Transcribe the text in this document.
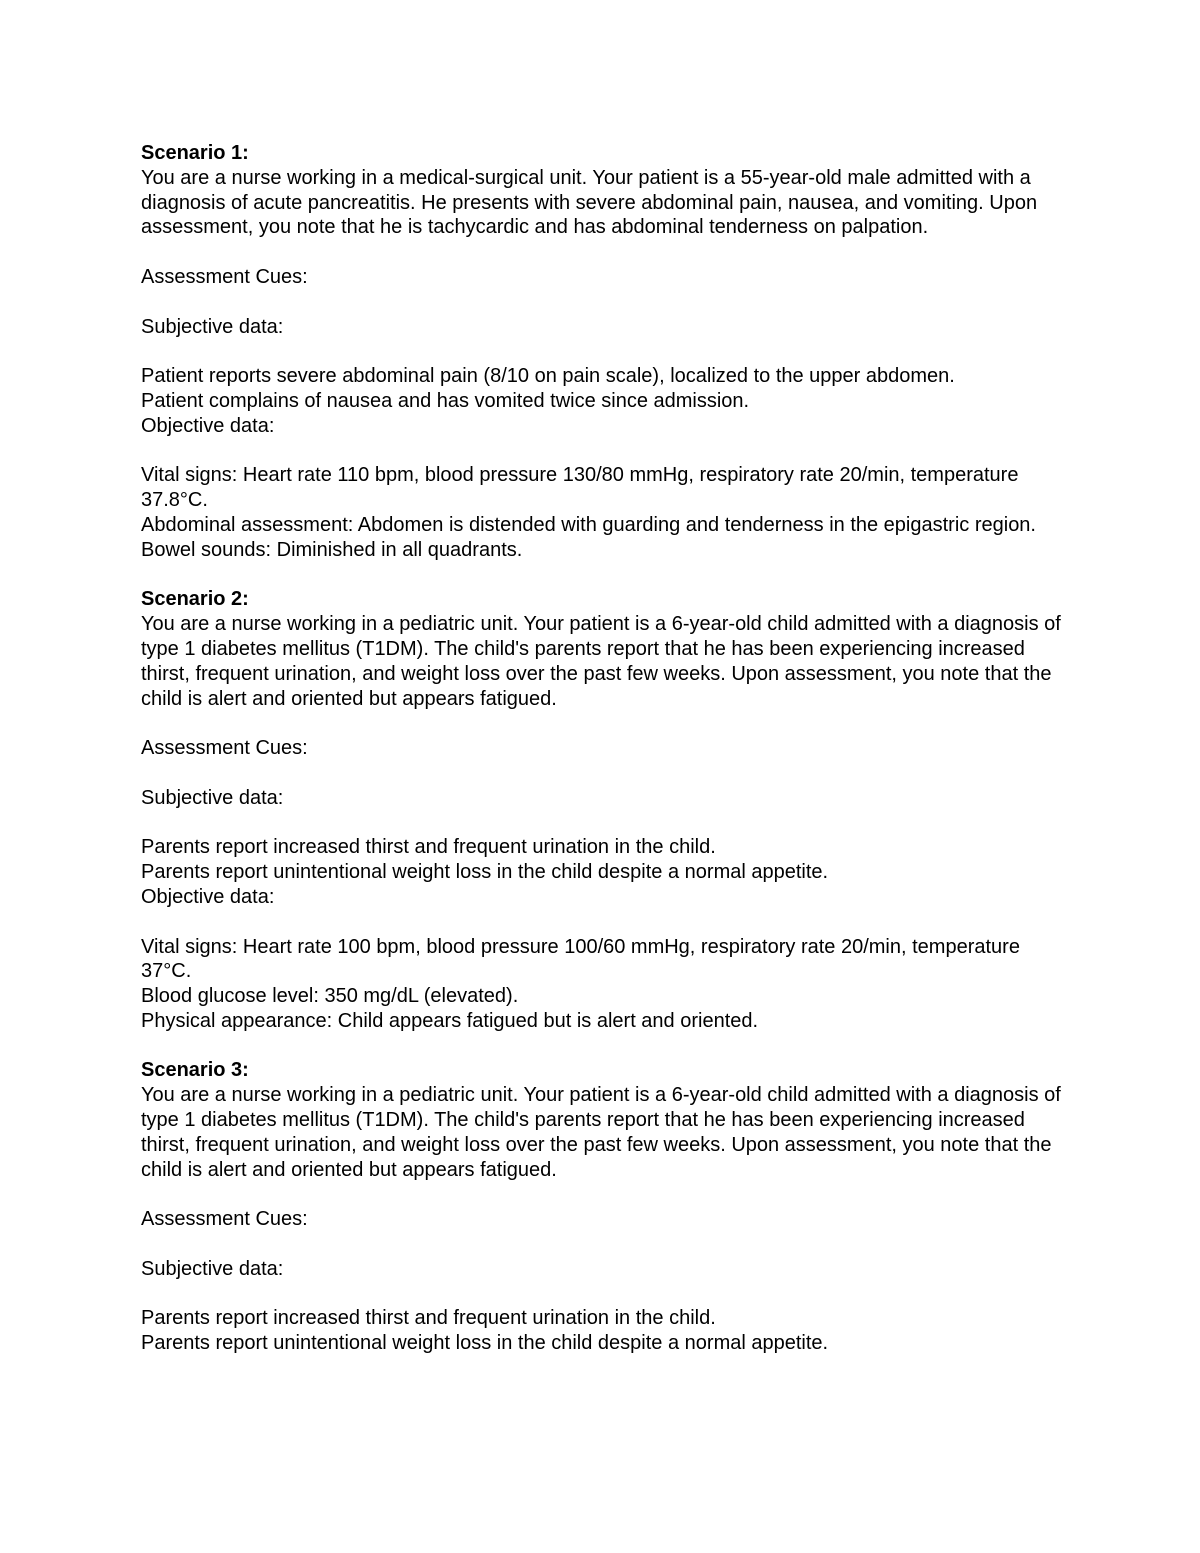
Scenario 1:

You are a nurse working in a medical-surgical unit. Your patient is a 55-year-old male admitted with a diagnosis of acute pancreatitis. He presents with severe abdominal pain, nausea, and vomiting. Upon assessment, you note that he is tachycardic and has abdominal tenderness on palpation.

Assessment Cues:

Subjective data:

Patient reports severe abdominal pain (8/10 on pain scale), localized to the upper abdomen.

Patient complains of nausea and has vomited twice since admission.

Objective data:

Vital signs: Heart rate 110 bpm, blood pressure 130/80 mmHg, respiratory rate 20/min, temperature 37.8°C.

Abdominal assessment: Abdomen is distended with guarding and tenderness in the epigastric region.

Bowel sounds: Diminished in all quadrants.

Scenario 2:

You are a nurse working in a pediatric unit. Your patient is a 6-year-old child admitted with a diagnosis of type 1 diabetes mellitus (T1DM). The child's parents report that he has been experiencing increased thirst, frequent urination, and weight loss over the past few weeks. Upon assessment, you note that the child is alert and oriented but appears fatigued.

Assessment Cues:

Subjective data:

Parents report increased thirst and frequent urination in the child.

Parents report unintentional weight loss in the child despite a normal appetite.

Objective data:

Vital signs: Heart rate 100 bpm, blood pressure 100/60 mmHg, respiratory rate 20/min, temperature 37°C.

Blood glucose level: 350 mg/dL (elevated).

Physical appearance: Child appears fatigued but is alert and oriented.

Scenario 3:

You are a nurse working in a pediatric unit. Your patient is a 6-year-old child admitted with a diagnosis of type 1 diabetes mellitus (T1DM). The child's parents report that he has been experiencing increased thirst, frequent urination, and weight loss over the past few weeks. Upon assessment, you note that the child is alert and oriented but appears fatigued.

Assessment Cues:

Subjective data:

Parents report increased thirst and frequent urination in the child.

Parents report unintentional weight loss in the child despite a normal appetite.
